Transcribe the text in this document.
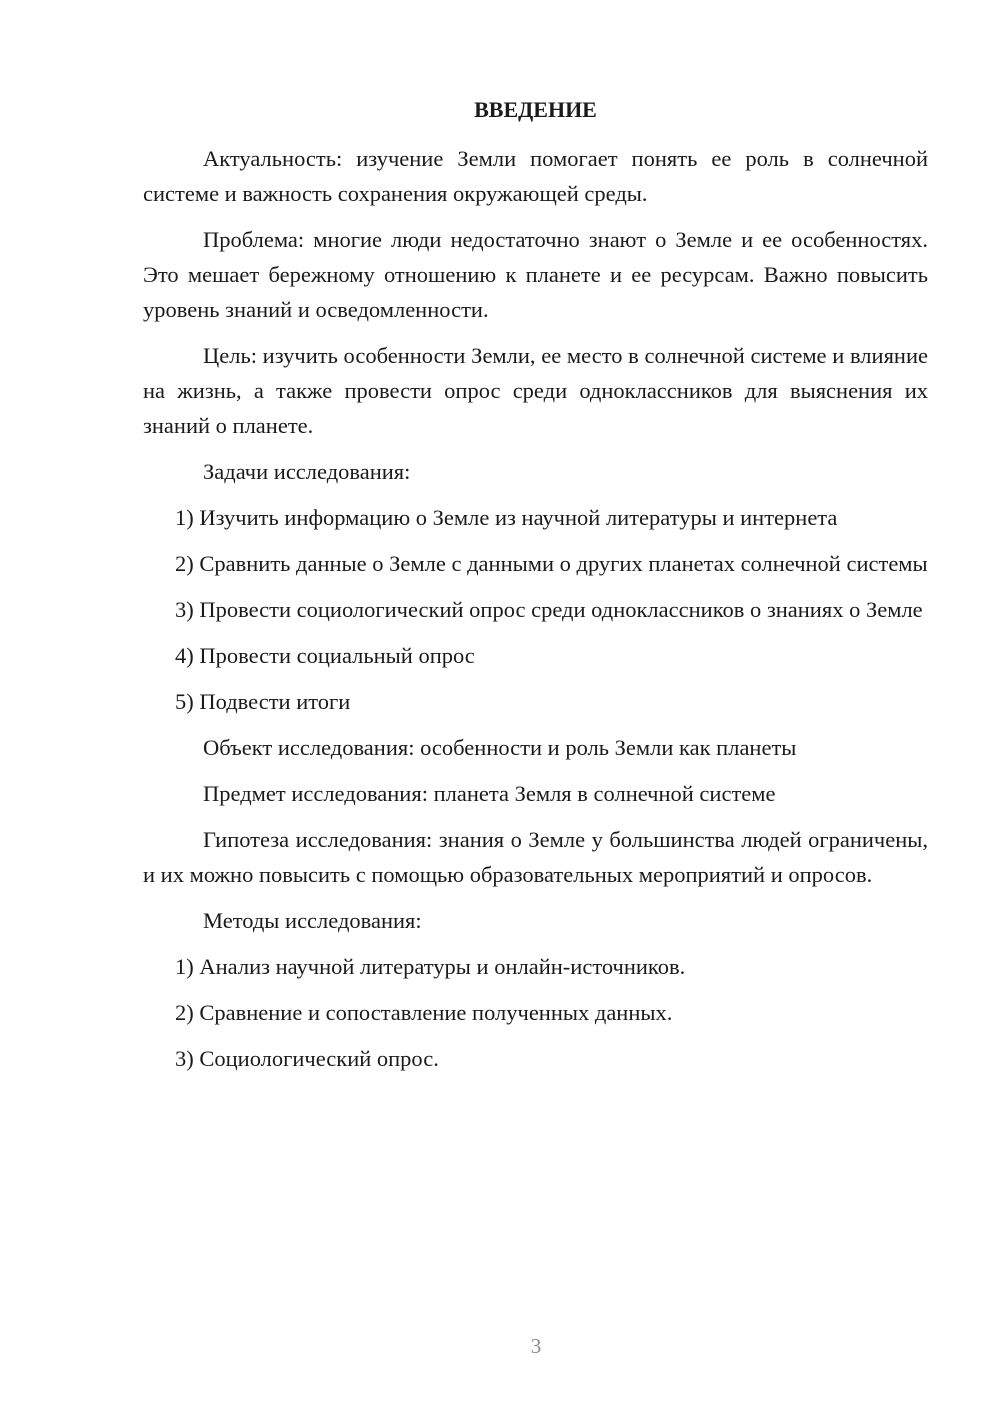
ВВЕДЕНИЕ

Актуальность: изучение Земли помогает понять ее роль в солнечной системе и важность сохранения окружающей среды.

Проблема: многие люди недостаточно знают о Земле и ее особенностях. Это мешает бережному отношению к планете и ее ресурсам. Важно повысить уровень знаний и осведомленности.

Цель: изучить особенности Земли, ее место в солнечной системе и влияние на жизнь, а также провести опрос среди одноклассников для выяснения их знаний о планете.

Задачи исследования:

1) Изучить информацию о Земле из научной литературы и интернета

2) Сравнить данные о Земле с данными о других планетах солнечной системы

3) Провести социологический опрос среди одноклассников о знаниях о Земле

4) Провести социальный опрос

5) Подвести итоги

Объект исследования: особенности и роль Земли как планеты

Предмет исследования: планета Земля в солнечной системе

Гипотеза исследования: знания о Земле у большинства людей ограничены, и их можно повысить с помощью образовательных мероприятий и опросов.

Методы исследования:

1) Анализ научной литературы и онлайн-источников.

2) Сравнение и сопоставление полученных данных.

3) Социологический опрос.

3
